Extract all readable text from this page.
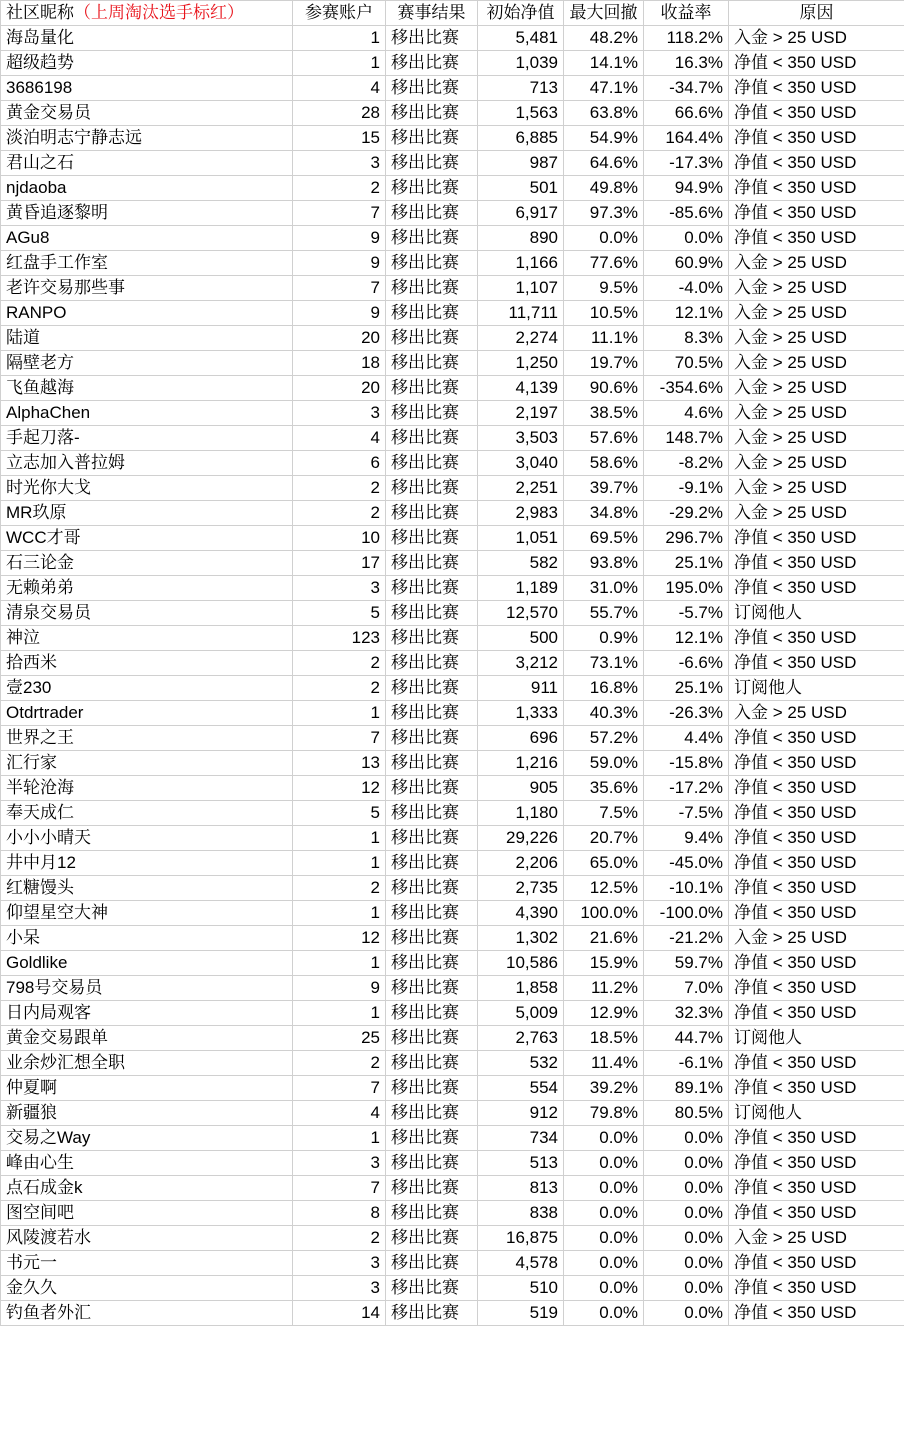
社区昵称（上周淘汰选手标红）	参赛账户	赛事结果	初始净值	最大回撤	收益率	原因
海岛量化	1	移出比赛	5,481	48.2%	118.2%	入金 > 25 USD
超级趋势	1	移出比赛	1,039	14.1%	16.3%	净值 < 350 USD
3686198	4	移出比赛	713	47.1%	-34.7%	净值 < 350 USD
黄金交易员	28	移出比赛	1,563	63.8%	66.6%	净值 < 350 USD
淡泊明志宁静志远	15	移出比赛	6,885	54.9%	164.4%	净值 < 350 USD
君山之石	3	移出比赛	987	64.6%	-17.3%	净值 < 350 USD
njdaoba	2	移出比赛	501	49.8%	94.9%	净值 < 350 USD
黄昏追逐黎明	7	移出比赛	6,917	97.3%	-85.6%	净值 < 350 USD
AGu8	9	移出比赛	890	0.0%	0.0%	净值 < 350 USD
红盘手工作室	9	移出比赛	1,166	77.6%	60.9%	入金 > 25 USD
老许交易那些事	7	移出比赛	1,107	9.5%	-4.0%	入金 > 25 USD
RANPO	9	移出比赛	11,711	10.5%	12.1%	入金 > 25 USD
陆道	20	移出比赛	2,274	11.1%	8.3%	入金 > 25 USD
隔壁老方	18	移出比赛	1,250	19.7%	70.5%	入金 > 25 USD
飞鱼越海	20	移出比赛	4,139	90.6%	-354.6%	入金 > 25 USD
AlphaChen	3	移出比赛	2,197	38.5%	4.6%	入金 > 25 USD
手起刀落-	4	移出比赛	3,503	57.6%	148.7%	入金 > 25 USD
立志加入普拉姆	6	移出比赛	3,040	58.6%	-8.2%	入金 > 25 USD
时光你大戈	2	移出比赛	2,251	39.7%	-9.1%	入金 > 25 USD
MR玖原	2	移出比赛	2,983	34.8%	-29.2%	入金 > 25 USD
WCC才哥	10	移出比赛	1,051	69.5%	296.7%	净值 < 350 USD
石三论金	17	移出比赛	582	93.8%	25.1%	净值 < 350 USD
无赖弟弟	3	移出比赛	1,189	31.0%	195.0%	净值 < 350 USD
清泉交易员	5	移出比赛	12,570	55.7%	-5.7%	订阅他人
神泣	123	移出比赛	500	0.9%	12.1%	净值 < 350 USD
拾西米	2	移出比赛	3,212	73.1%	-6.6%	净值 < 350 USD
壹230	2	移出比赛	911	16.8%	25.1%	订阅他人
Otdrtrader	1	移出比赛	1,333	40.3%	-26.3%	入金 > 25 USD
世界之王	7	移出比赛	696	57.2%	4.4%	净值 < 350 USD
汇行家	13	移出比赛	1,216	59.0%	-15.8%	净值 < 350 USD
半轮沧海	12	移出比赛	905	35.6%	-17.2%	净值 < 350 USD
奉天成仁	5	移出比赛	1,180	7.5%	-7.5%	净值 < 350 USD
小小小晴天	1	移出比赛	29,226	20.7%	9.4%	净值 < 350 USD
井中月12	1	移出比赛	2,206	65.0%	-45.0%	净值 < 350 USD
红糖馒头	2	移出比赛	2,735	12.5%	-10.1%	净值 < 350 USD
仰望星空大神	1	移出比赛	4,390	100.0%	-100.0%	净值 < 350 USD
小呆	12	移出比赛	1,302	21.6%	-21.2%	入金 > 25 USD
Goldlike	1	移出比赛	10,586	15.9%	59.7%	净值 < 350 USD
798号交易员	9	移出比赛	1,858	11.2%	7.0%	净值 < 350 USD
日内局观客	1	移出比赛	5,009	12.9%	32.3%	净值 < 350 USD
黄金交易跟单	25	移出比赛	2,763	18.5%	44.7%	订阅他人
业余炒汇想全职	2	移出比赛	532	11.4%	-6.1%	净值 < 350 USD
仲夏啊	7	移出比赛	554	39.2%	89.1%	净值 < 350 USD
新疆狼	4	移出比赛	912	79.8%	80.5%	订阅他人
交易之Way	1	移出比赛	734	0.0%	0.0%	净值 < 350 USD
峰由心生	3	移出比赛	513	0.0%	0.0%	净值 < 350 USD
点石成金k	7	移出比赛	813	0.0%	0.0%	净值 < 350 USD
图空间吧	8	移出比赛	838	0.0%	0.0%	净值 < 350 USD
风陵渡若水	2	移出比赛	16,875	0.0%	0.0%	入金 > 25 USD
书元一	3	移出比赛	4,578	0.0%	0.0%	净值 < 350 USD
金久久	3	移出比赛	510	0.0%	0.0%	净值 < 350 USD
钓鱼者外汇	14	移出比赛	519	0.0%	0.0%	净值 < 350 USD
